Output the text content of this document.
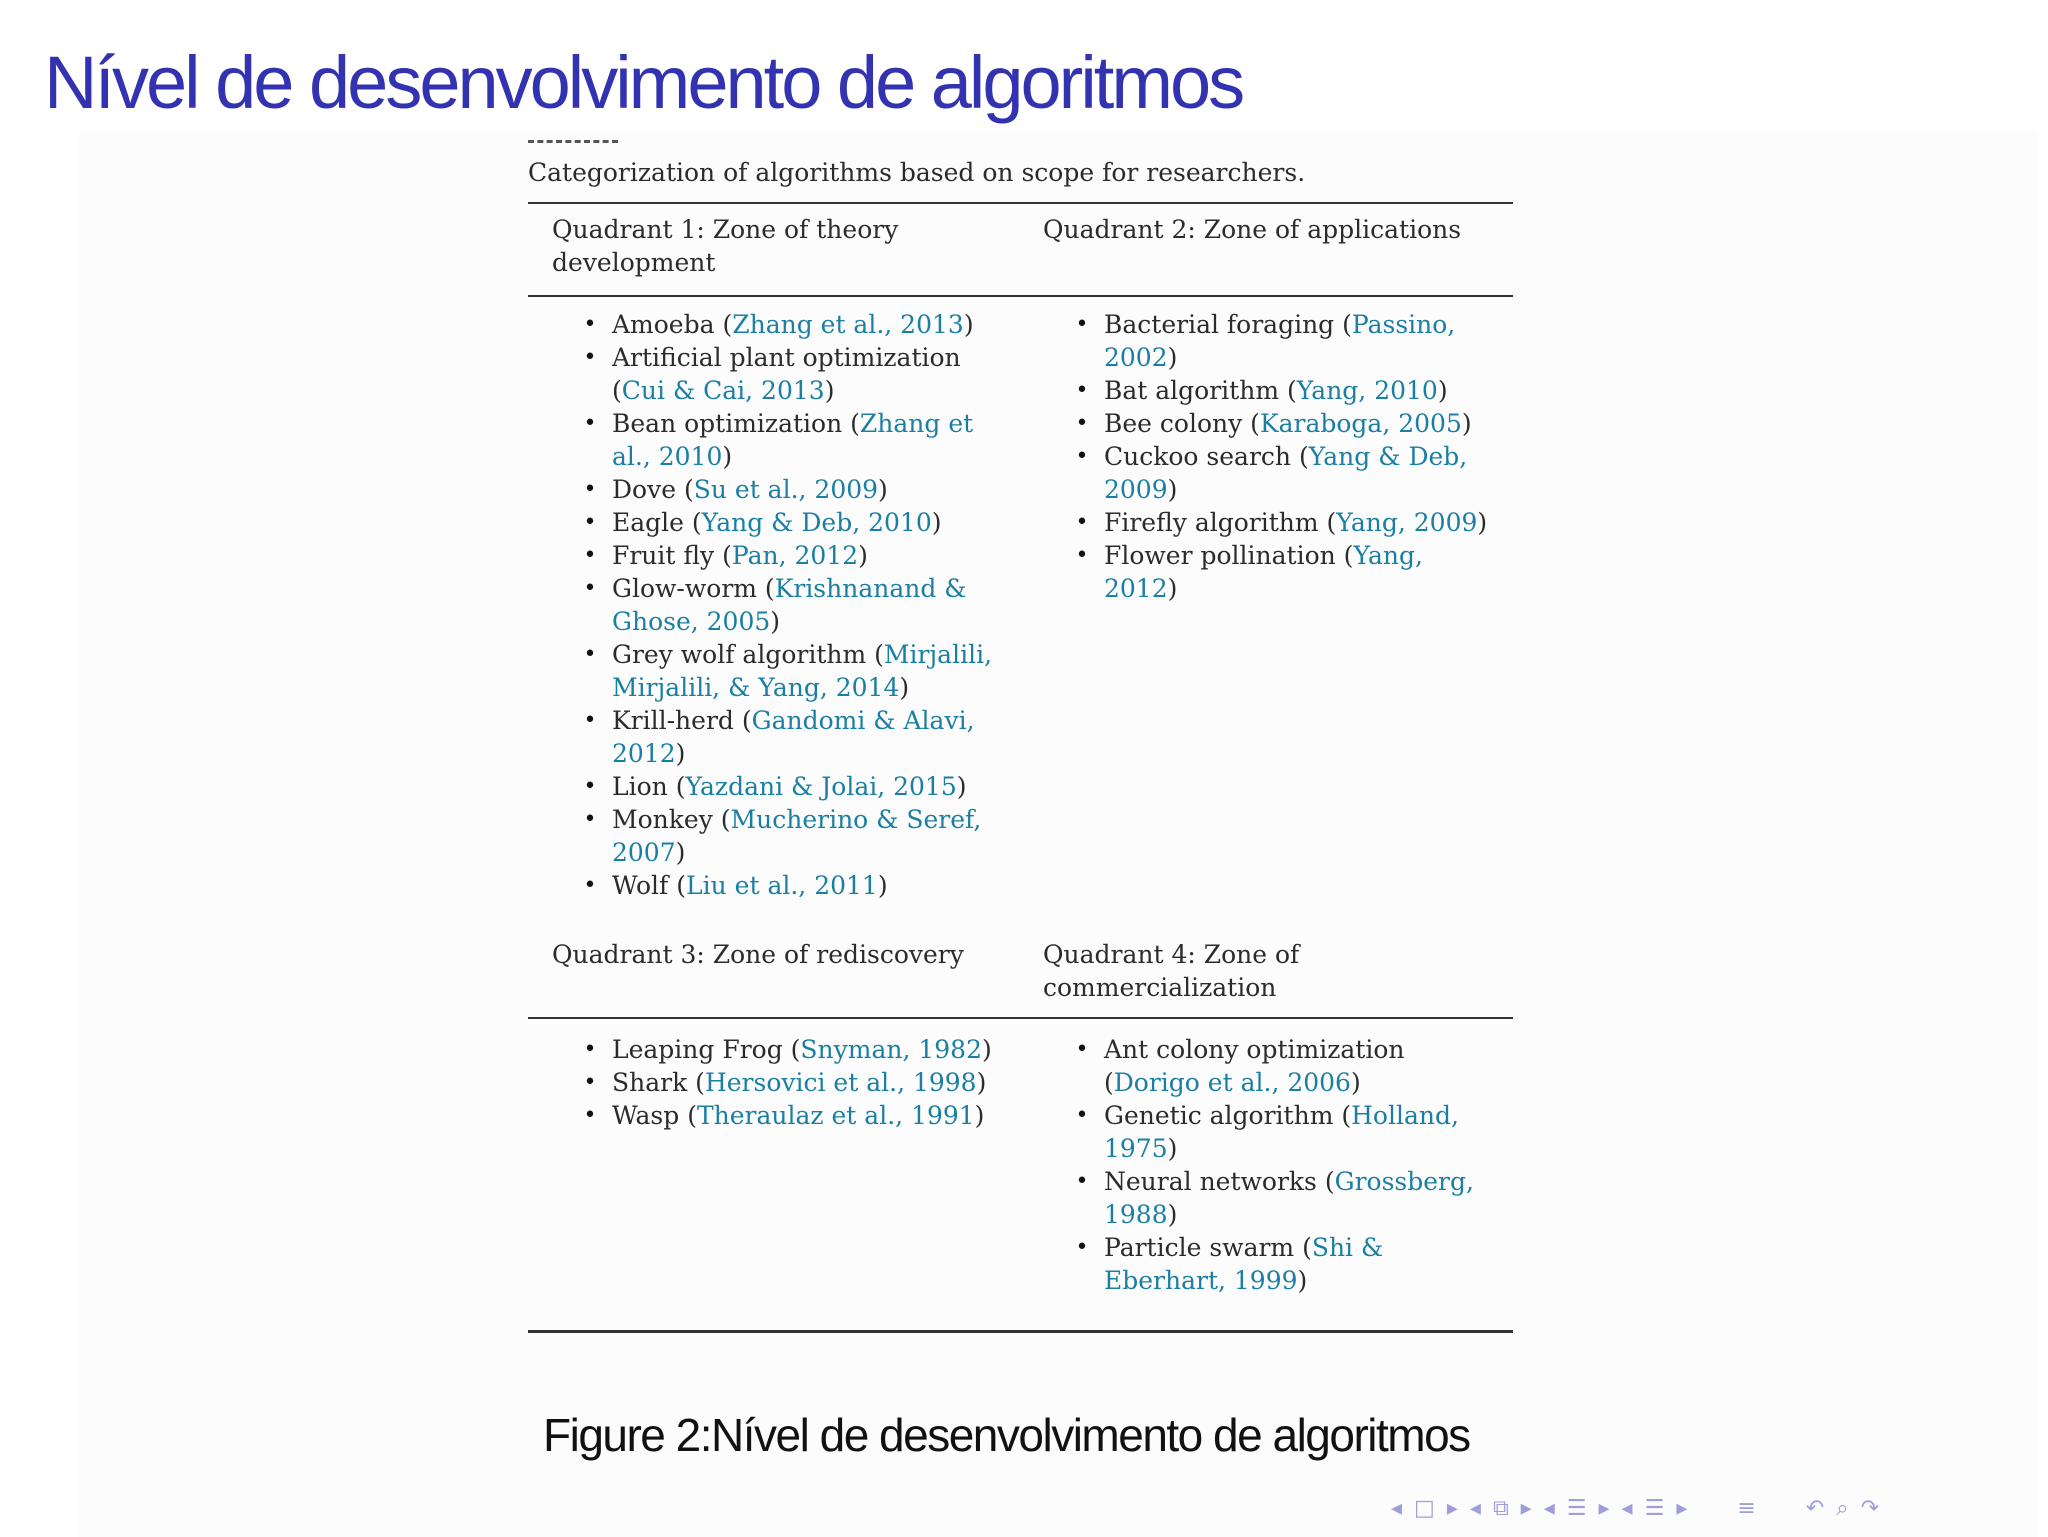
Nível de desenvolvimento de algoritmos
Categorization of algorithms based on scope for researchers.
Quadrant 1: Zone of theory development
Quadrant 2: Zone of applications
• Amoeba (Zhang et al., 2013)
• Artificial plant optimization (Cui & Cai, 2013)
• Bean optimization (Zhang et al., 2010)
• Dove (Su et al., 2009)
• Eagle (Yang & Deb, 2010)
• Fruit fly (Pan, 2012)
• Glow-worm (Krishnanand & Ghose, 2005)
• Grey wolf algorithm (Mirjalili, Mirjalili, & Yang, 2014)
• Krill-herd (Gandomi & Alavi, 2012)
• Lion (Yazdani & Jolai, 2015)
• Monkey (Mucherino & Seref, 2007)
• Wolf (Liu et al., 2011)
• Bacterial foraging (Passino, 2002)
• Bat algorithm (Yang, 2010)
• Bee colony (Karaboga, 2005)
• Cuckoo search (Yang & Deb, 2009)
• Firefly algorithm (Yang, 2009)
• Flower pollination (Yang, 2012)
Quadrant 3: Zone of rediscovery	Quadrant 4: Zone of commercialization
• Leaping Frog (Snyman, 1982)
• Shark (Hersovici et al., 1998)
• Wasp (Theraulaz et al., 1991)
• Ant colony optimization (Dorigo et al., 2006)
• Genetic algorithm (Holland, 1975)
• Neural networks (Grossberg, 1988)
• Particle swarm (Shi & Eberhart, 1999)
Figure 2:Nível de desenvolvimento de algoritmos
◂ □ ▸ ◂ ⧉ ▸ ◂ ☰ ▸ ◂ ☰ ▸ ≡ ↶ ⌕ ↷
